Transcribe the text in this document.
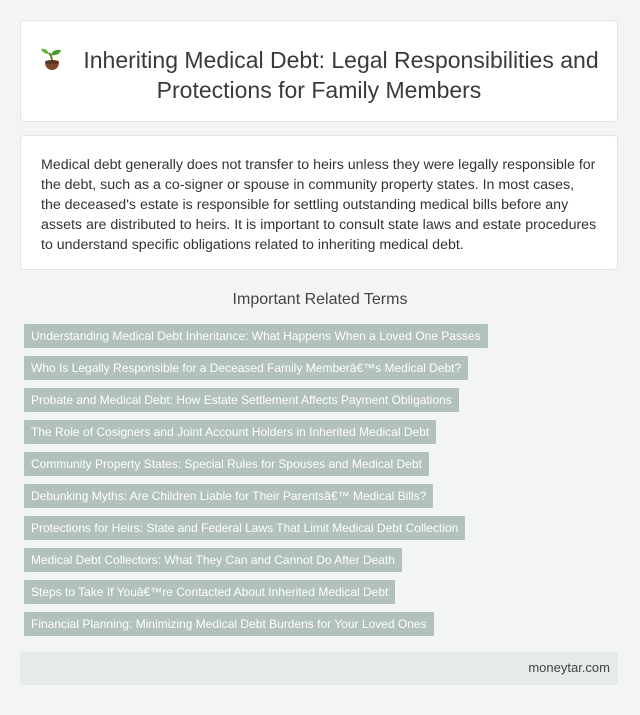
Inheriting Medical Debt: Legal Responsibilities and Protections for Family Members
Medical debt generally does not transfer to heirs unless they were legally responsible for the debt, such as a co-signer or spouse in community property states. In most cases, the deceased's estate is responsible for settling outstanding medical bills before any assets are distributed to heirs. It is important to consult state laws and estate procedures to understand specific obligations related to inheriting medical debt.
Important Related Terms
Understanding Medical Debt Inheritance: What Happens When a Loved One Passes
Who Is Legally Responsible for a Deceased Family Memberâ€™s Medical Debt?
Probate and Medical Debt: How Estate Settlement Affects Payment Obligations
The Role of Cosigners and Joint Account Holders in Inherited Medical Debt
Community Property States: Special Rules for Spouses and Medical Debt
Debunking Myths: Are Children Liable for Their Parentsâ€™ Medical Bills?
Protections for Heirs: State and Federal Laws That Limit Medical Debt Collection
Medical Debt Collectors: What They Can and Cannot Do After Death
Steps to Take If Youâ€™re Contacted About Inherited Medical Debt
Financial Planning: Minimizing Medical Debt Burdens for Your Loved Ones
moneytar.com
